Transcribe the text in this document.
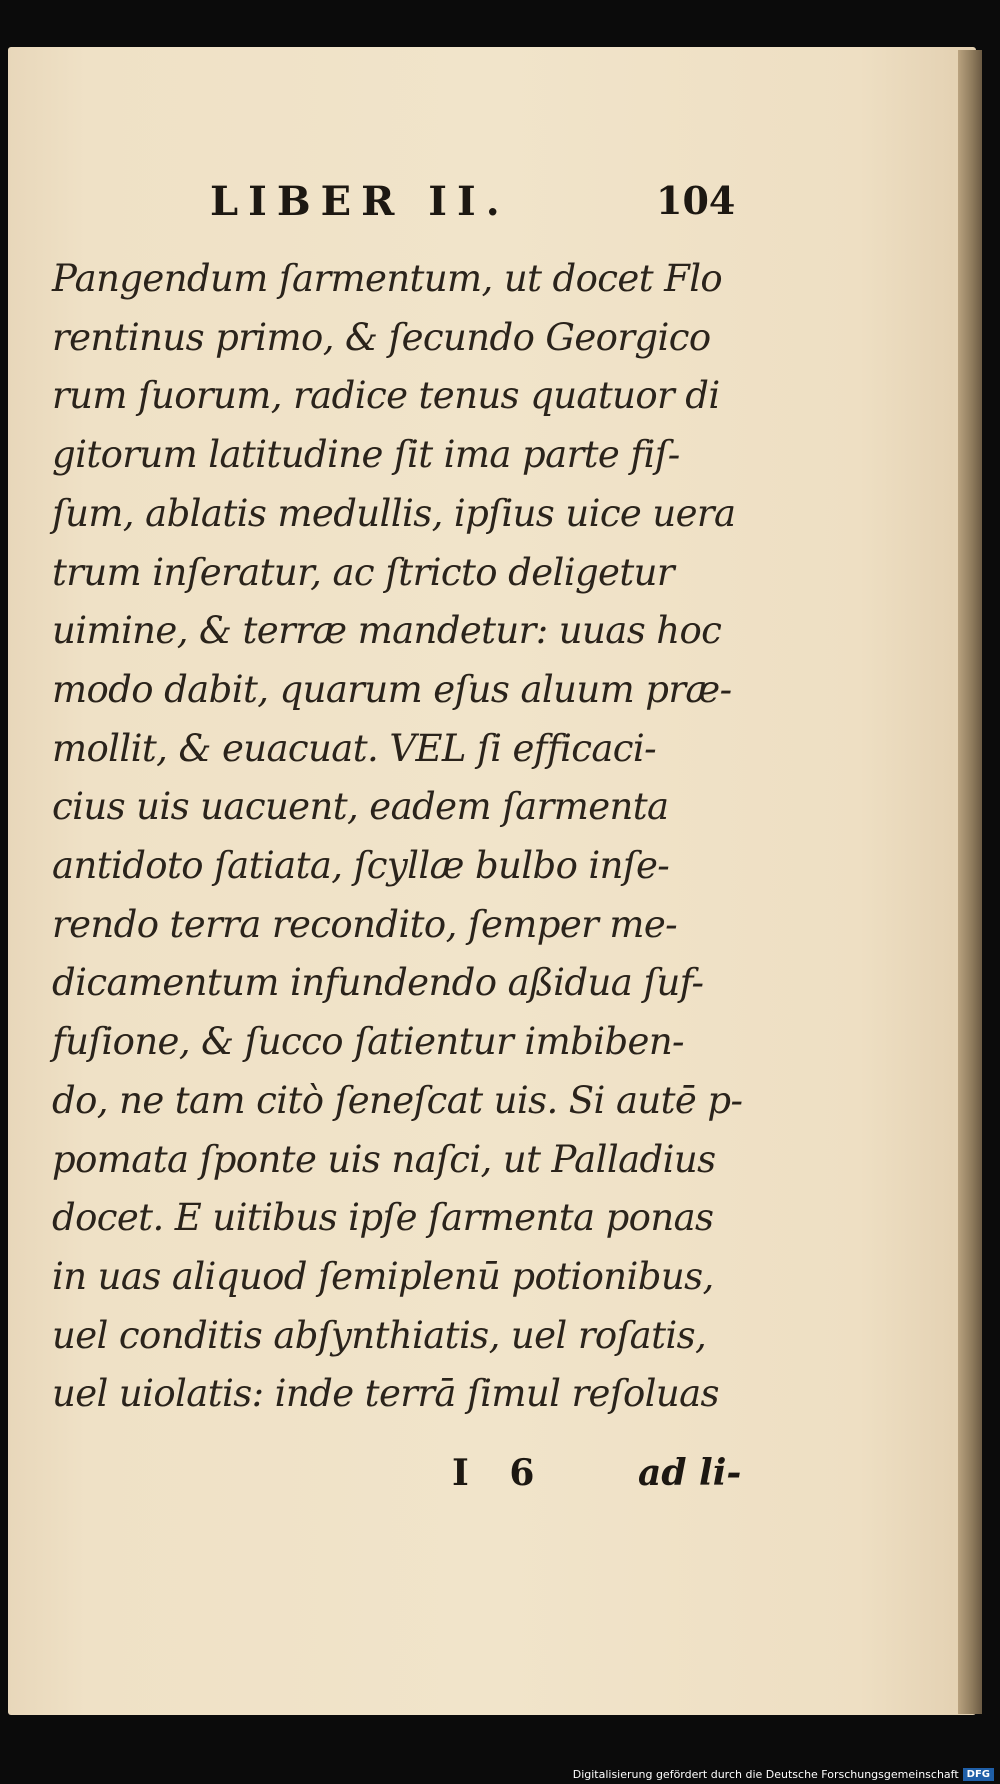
LIBER II.	104
Pangendum ſarmentum, ut docet Flo
rentinus primo, & ſecundo Georgico
rum ſuorum, radice tenus quatuor di
gitorum latitudine ſit ima parte fiſ-
ſum, ablatis medullis, ipſius uice uera
trum inſeratur, ac ſtricto deligetur
uimine, & terræ mandetur: uuas hoc
modo dabit, quarum eſus aluum præ-
mollit, & euacuat. VEL ſi efficaci-
cius uis uacuent, eadem ſarmenta
antidoto ſatiata, ſcyllæ bulbo inſe-
rendo terra recondito, ſemper me-
dicamentum infundendo aßidua ſuf-
fuſione, & ſucco ſatientur imbiben-
do, ne tam citò ſeneſcat uis. Si autē p-
pomata ſponte uis naſci, ut Palladius
docet. E uitibus ipſe ſarmenta ponas
in uas aliquod ſemiplenū potionibus,
uel conditis abſynthiatis, uel roſatis,
uel uiolatis: inde terrā ſimul reſoluas
I 6 ad li-
Digitalisierung gefördert durch die Deutsche Forschungsgemeinschaft DFG
